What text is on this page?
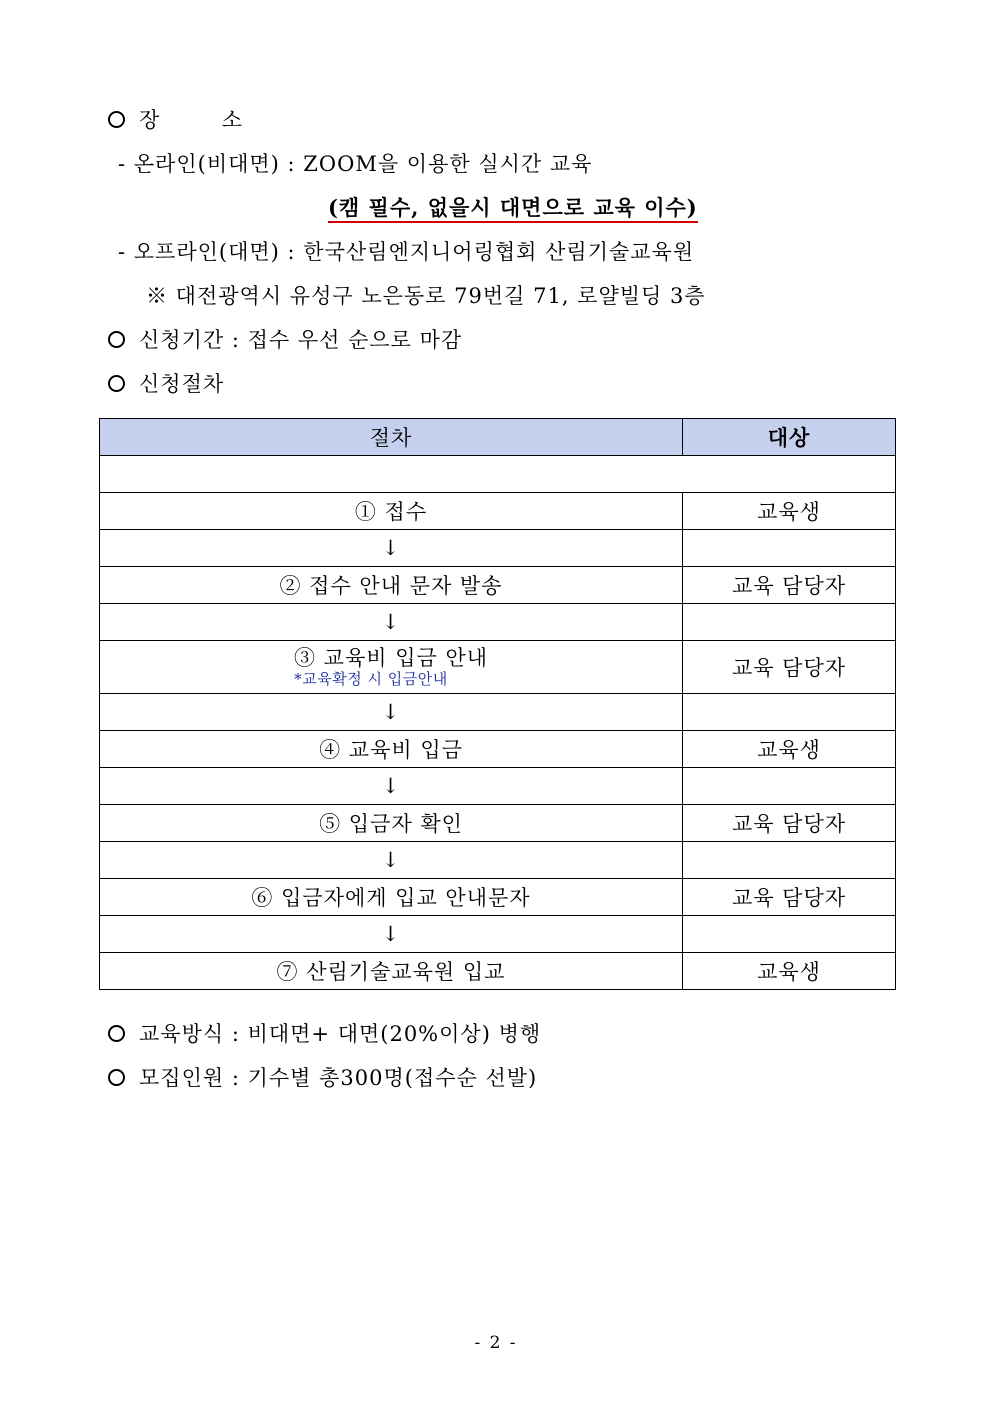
장        소
- 온라인(비대면) : ZOOM을 이용한 실시간 교육
(캠 필수, 없을시 대면으로 교육 이수)
- 오프라인(대면) : 한국산림엔지니어링협회 산림기술교육원
※ 대전광역시 유성구 노은동로 79번길 71, 로얄빌딩 3층
신청기간 : 접수 우선 순으로 마감
신청절차
절차	대상

① 접수	교육생
↓	
② 접수 안내 문자 발송	교육 담당자
↓	

③ 교육비 입금 안내
*교육확정 시 입금안내	교육 담당자
↓	
④ 교육비 입금	교육생
↓	
⑤ 입금자 확인	교육 담당자
↓	
⑥ 입금자에게 입교 안내문자	교육 담당자
↓	
⑦ 산림기술교육원 입교	교육생
교육방식 : 비대면+ 대면(20%이상) 병행
모집인원 : 기수별 총300명(접수순 선발)
- 2 -
